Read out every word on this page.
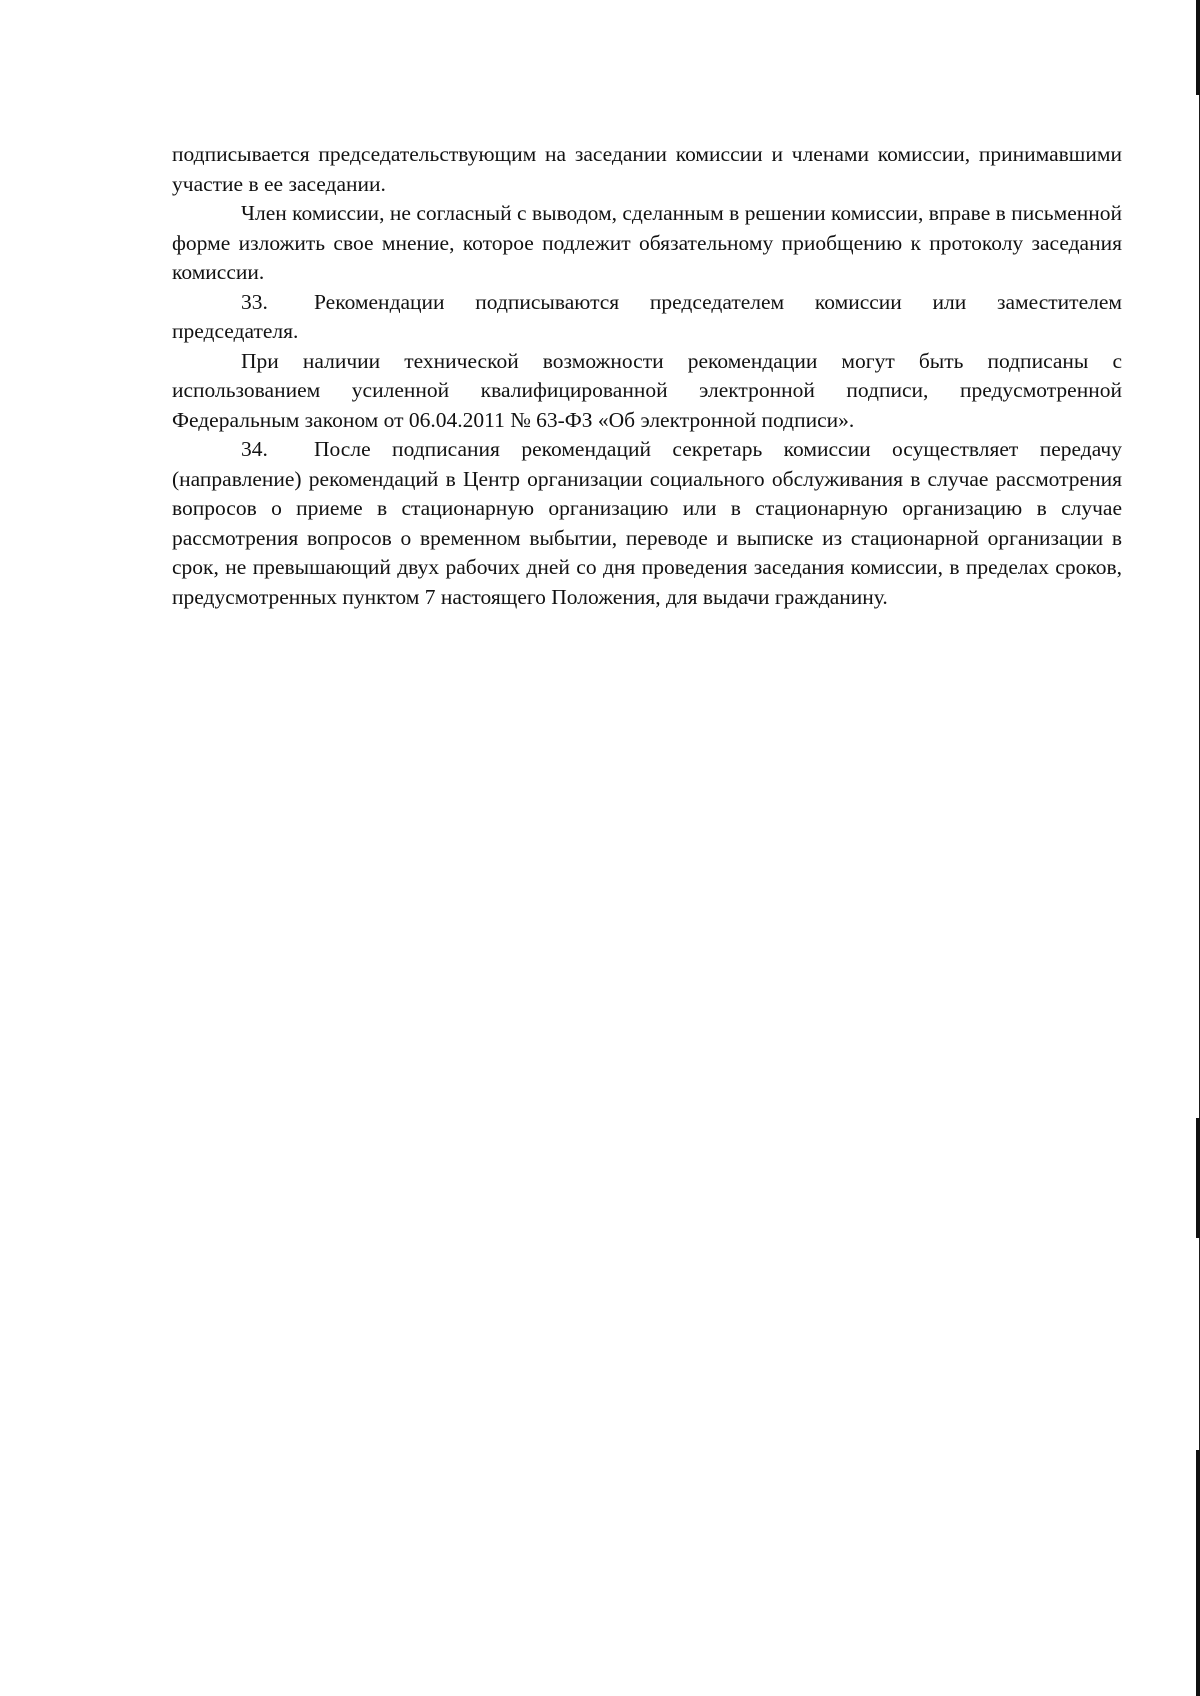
подписывается председательствующим на заседании комиссии и членами комиссии, принимавшими участие в ее заседании.

Член комиссии, не согласный с выводом, сделанным в решении комиссии, вправе в письменной форме изложить свое мнение, которое подлежит обязательному приобщению к протоколу заседания комиссии.

33. Рекомендации подписываются председателем комиссии или заместителем председателя.

При наличии технической возможности рекомендации могут быть подписаны с использованием усиленной квалифицированной электронной подписи, предусмотренной Федеральным законом от 06.04.2011 № 63-ФЗ «Об электронной подписи».

34. После подписания рекомендаций секретарь комиссии осуществляет передачу (направление) рекомендаций в Центр организации социального обслуживания в случае рассмотрения вопросов о приеме в стационарную организацию или в стационарную организацию в случае рассмотрения вопросов о временном выбытии, переводе и выписке из стационарной организации в срок, не превышающий двух рабочих дней со дня проведения заседания комиссии, в пределах сроков, предусмотренных пунктом 7 настоящего Положения, для выдачи гражданину.
